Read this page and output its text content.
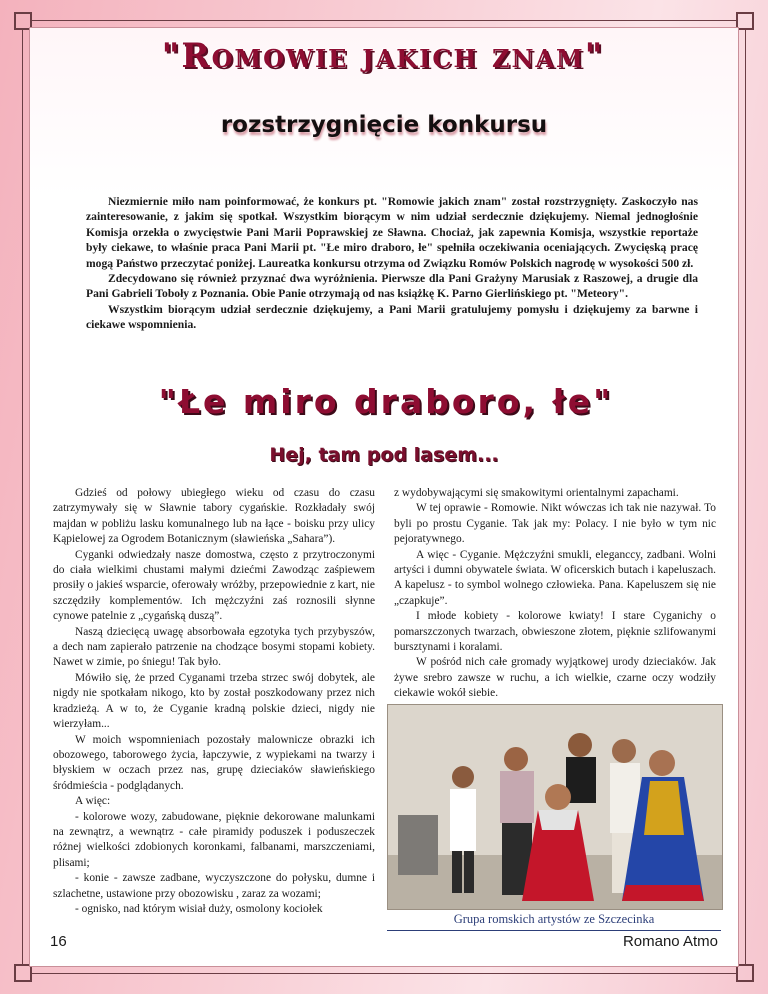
"Romowie jakich znam"
rozstrzygnięcie konkursu

Niezmiernie miło nam poinformować, że konkurs pt. "Romowie jakich znam" został rozstrzygnięty. Zaskoczyło nas zainteresowanie, z jakim się spotkał. Wszystkim biorącym w nim udział serdecznie dziękujemy. Niemal jednogłośnie Komisja orzekła o zwycięstwie Pani Marii Poprawskiej ze Sławna. Chociaż, jak zapewnia Komisja, wszystkie reportaże były ciekawe, to właśnie praca Pani Marii pt. "Łe miro draboro, łe" spełniła oczekiwania oceniających. Zwycięską pracę mogą Państwo przeczytać poniżej. Laureatka konkursu otrzyma od Związku Romów Polskich nagrodę w wysokości 500 zł.

Zdecydowano się również przyznać dwa wyróżnienia. Pierwsze dla Pani Grażyny Marusiak z Raszowej, a drugie dla Pani Gabrieli Toboły z Poznania. Obie Panie otrzymają od nas książkę K. Parno Gierlińskiego pt. "Meteory".

Wszystkim biorącym udział serdecznie dziękujemy, a Pani Marii gratulujemy pomysłu i dziękujemy za barwne i ciekawe wspomnienia.

"Łe miro draboro, łe"
Hej, tam pod lasem...

Gdzieś od połowy ubiegłego wieku od czasu do czasu zatrzymywały się w Sławnie tabory cygańskie. Rozkładały swój majdan w pobliżu lasku komunalnego lub na łące - boisku przy ulicy Kąpielowej za Ogrodem Botanicznym (sławieńska „Sahara”).

Cyganki odwiedzały nasze domostwa, często z przytroczonymi do ciała wielkimi chustami małymi dziećmi Zawodząc zaśpiewem prosiły o jakieś wsparcie, oferowały wróżby, przepowiednie z kart, nie szczędziły komplementów. Ich mężczyźni zaś roznosili słynne cynowe patelnie z „cygańską duszą”.

Naszą dziecięcą uwagę absorbowała egzotyka tych przybyszów, a dech nam zapierało patrzenie na chodzące bosymi stopami kobiety. Nawet w zimie, po śniegu! Tak było.

Mówiło się, że przed Cyganami trzeba strzec swój dobytek, ale nigdy nie spotkałam nikogo, kto by został poszkodowany przez nich kradzieżą. A w to, że Cyganie kradną polskie dzieci, nigdy nie wierzyłam...

W moich wspomnieniach pozostały malownicze obrazki ich obozowego, taborowego życia, łapczywie, z wypiekami na twarzy i błyskiem w oczach przez nas, grupę dzieciaków sławieńskiego śródmieścia - podglądanych.

A więc:

- kolorowe wozy, zabudowane, pięknie dekorowane malunkami na zewnątrz, a wewnątrz - całe piramidy poduszek i poduszeczek różnej wielkości zdobionych koronkami, falbanami, marszczeniami, plisami;

- konie - zawsze zadbane, wyczyszczone do połysku, dumne i szlachetne, ustawione przy obozowisku , zaraz za wozami;

- ognisko, nad którym wisiał duży, osmolony kociołek

z wydobywającymi się smakowitymi orientalnymi zapachami.

W tej oprawie - Romowie. Nikt wówczas ich tak nie nazywał. To byli po prostu Cyganie. Tak jak my: Polacy. I nie było w tym nic pejoratywnego.

A więc - Cyganie. Mężczyźni smukli, eleganccy, zadbani. Wolni artyści i dumni obywatele świata. W oficerskich butach i kapeluszach. A kapelusz - to symbol wolnego człowieka. Pana. Kapeluszem się nie „czapkuje”.

I młode kobiety - kolorowe kwiaty! I stare Cyganichy o pomarszczonych twarzach, obwieszone złotem, pięknie szlifowanymi bursztynami i koralami.

W pośród nich całe gromady wyjątkowej urody dzieciaków. Jak żywe srebro zawsze w ruchu, a ich wielkie, czarne oczy wodziły ciekawie wokół siebie.

Grupa romskich artystów ze Szczecinka
16	Romano Atmo
